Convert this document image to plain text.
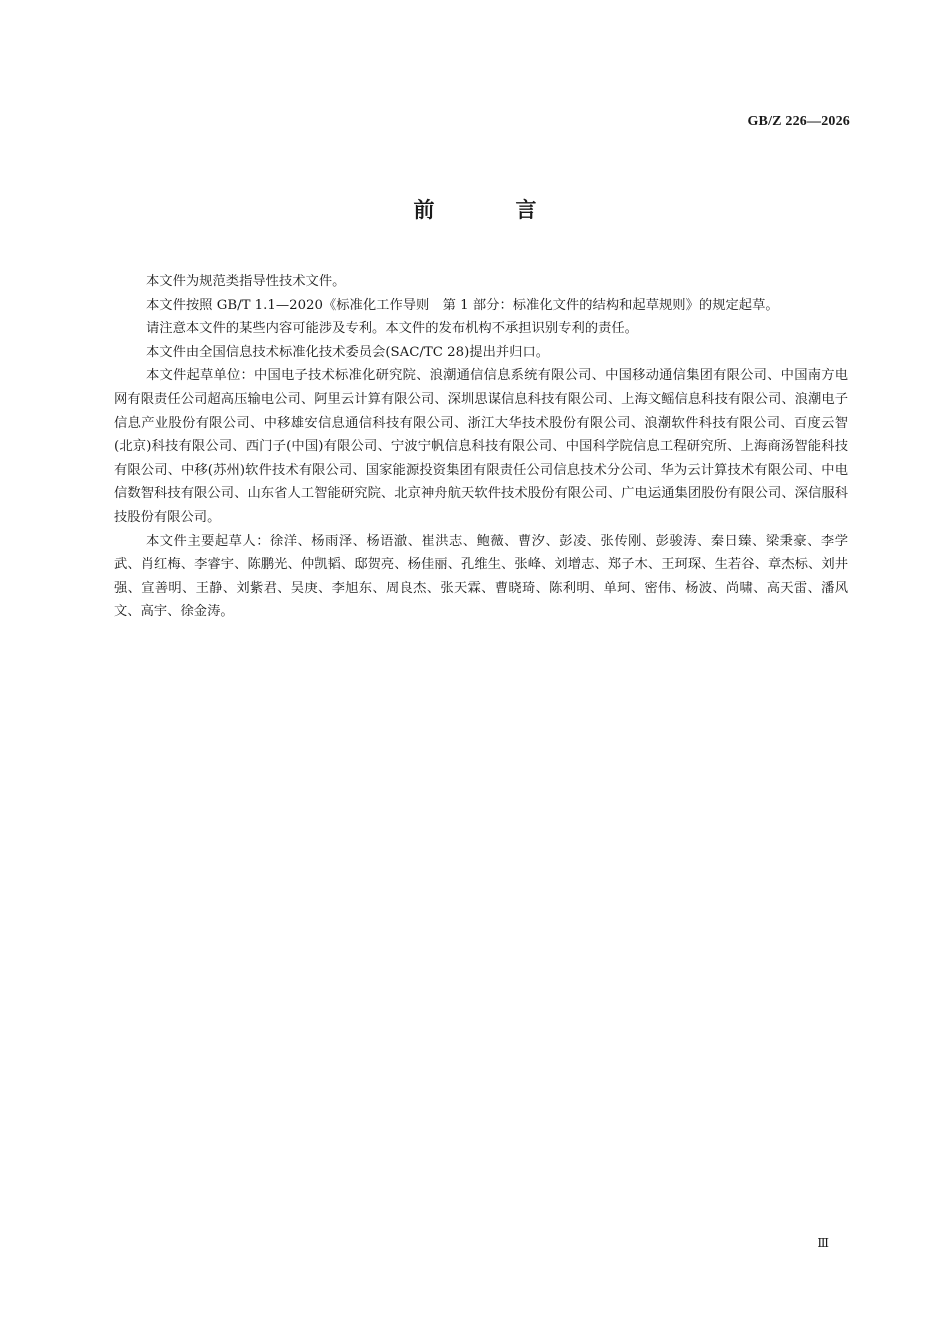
GB/Z 226—2026
前　言

本文件为规范类指导性技术文件。

本文件按照 GB/T 1.1—2020《标准化工作导则　第 1 部分：标准化文件的结构和起草规则》的规定起草。

请注意本文件的某些内容可能涉及专利。本文件的发布机构不承担识别专利的责任。

本文件由全国信息技术标准化技术委员会(SAC/TC 28)提出并归口。

本文件起草单位：中国电子技术标准化研究院、浪潮通信信息系统有限公司、中国移动通信集团有限公司、中国南方电网有限责任公司超高压输电公司、阿里云计算有限公司、深圳思谋信息科技有限公司、上海文鳐信息科技有限公司、浪潮电子信息产业股份有限公司、中移雄安信息通信科技有限公司、浙江大华技术股份有限公司、浪潮软件科技有限公司、百度云智(北京)科技有限公司、西门子(中国)有限公司、宁波宁帆信息科技有限公司、中国科学院信息工程研究所、上海商汤智能科技有限公司、中移(苏州)软件技术有限公司、国家能源投资集团有限责任公司信息技术分公司、华为云计算技术有限公司、中电信数智科技有限公司、山东省人工智能研究院、北京神舟航天软件技术股份有限公司、广电运通集团股份有限公司、深信服科技股份有限公司。

本文件主要起草人：徐洋、杨雨泽、杨语澈、崔洪志、鲍薇、曹汐、彭凌、张传刚、彭骏涛、秦日臻、梁秉豪、李学武、肖红梅、李睿宇、陈鹏光、仲凯韬、邸贺亮、杨佳丽、孔维生、张峰、刘增志、郑子木、王珂琛、生若谷、章杰标、刘井强、宣善明、王静、刘紫君、吴庚、李旭东、周良杰、张天霖、曹晓琦、陈利明、单珂、密伟、杨波、尚啸、高天雷、潘风文、高宇、徐金涛。

Ⅲ
